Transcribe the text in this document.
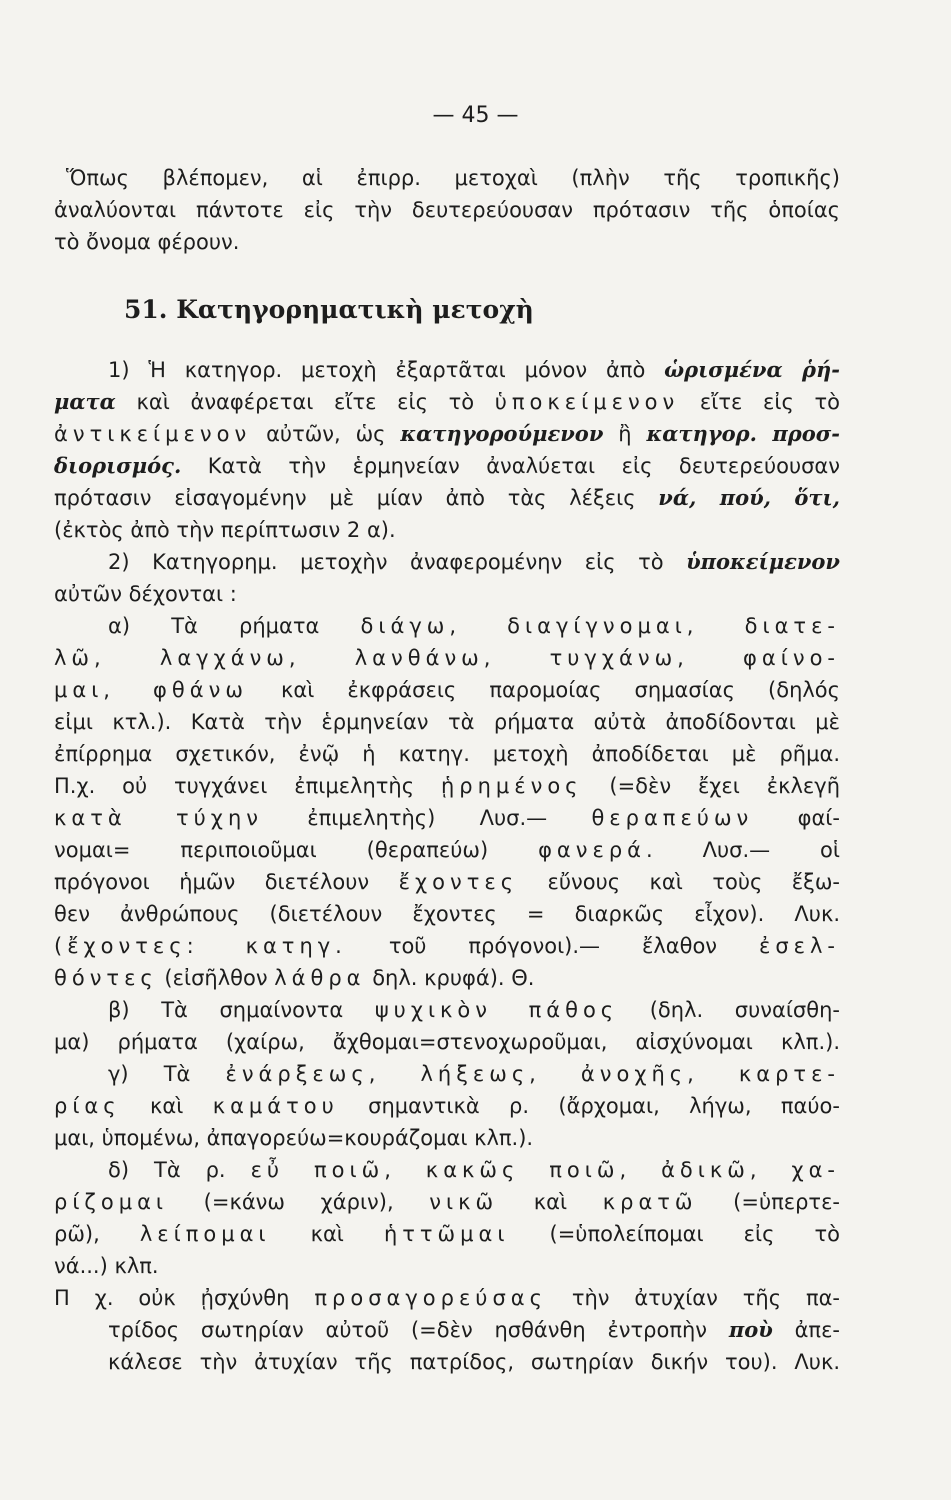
— 45 —
Ὅπως βλέπομεν, αἱ ἐπιρρ. μετοχαὶ (πλὴν τῆς τροπικῆς)
ἀναλύονται πάντοτε εἰς τὴν δευτερεύουσαν πρότασιν τῆς ὁποίας
τὸ ὄνομα φέρουν.
51. Κατηγορηματικὴ μετοχὴ
1) Ἡ κατηγορ. μετοχὴ ἐξαρτᾶται μόνον ἀπὸ ὡρισμένα ῥή-
ματα καὶ ἀναφέρεται εἴτε εἰς τὸ ὑποκείμενον εἴτε εἰς τὸ
ἀντικείμενον αὐτῶν, ὡς κατηγορούμενον ἢ κατηγορ. προσ-
διορισμός. Κατὰ τὴν ἑρμηνείαν ἀναλύεται εἰς δευτερεύουσαν
πρότασιν εἰσαγομένην μὲ μίαν ἀπὸ τὰς λέξεις νά, πού, ὅτι,
(ἐκτὸς ἀπὸ τὴν περίπτωσιν 2 α).
2) Κατηγορημ. μετοχὴν ἀναφερομένην εἰς τὸ ὑποκείμενον
αὐτῶν δέχονται :
α) Τὰ ρήματα διάγω, διαγίγνομαι, διατε-
λῶ, λαγχάνω, λανθάνω, τυγχάνω, φαίνο-
μαι, φθάνω καὶ ἐκφράσεις παρομοίας σημασίας (δηλός
εἰμι κτλ.). Κατὰ τὴν ἑρμηνείαν τὰ ρήματα αὐτὰ ἀποδίδονται μὲ
ἐπίρρημα σχετικόν, ἐνῷ ἡ κατηγ. μετοχὴ ἀποδίδεται μὲ ρῆμα.
Π.χ. οὐ τυγχάνει ἐπιμελητὴς ᾑρημένος (=δὲν ἔχει ἐκλεγῆ
κατὰ τύχην ἐπιμελητὴς) Λυσ.— θεραπεύων φαί-
νομαι= περιποιοῦμαι (θεραπεύω) φανερά. Λυσ.— οἱ
πρόγονοι ἡμῶν διετέλουν ἔχοντες εὔνους καὶ τοὺς ἔξω-
θεν ἀνθρώπους (διετέλουν ἔχοντες = διαρκῶς εἶχον). Λυκ.
(ἔχοντες: κατηγ. τοῦ πρόγονοι).— ἔλαθον ἐσελ-
θόντες (εἰσῆλθον λάθρα δηλ. κρυφά). Θ.
β) Τὰ σημαίνοντα ψυχικὸν πάθος (δηλ. συναίσθη-
μα) ρήματα (χαίρω, ἄχθομαι=στενοχωροῦμαι, αἰσχύνομαι κλπ.).
γ) Τὰ ἐνάρξεως, λήξεως, ἀνοχῆς, καρτε-
ρίας καὶ καμάτου σημαντικὰ ρ. (ἄρχομαι, λήγω, παύο-
μαι, ὑπομένω, ἀπαγορεύω=κουράζομαι κλπ.).
δ) Τὰ ρ. εὖ ποιῶ, κακῶς ποιῶ, ἀδικῶ, χα-
ρίζομαι (=κάνω χάριν), νικῶ καὶ κρατῶ (=ὑπερτε-
ρῶ), λείπομαι καὶ ἡττῶμαι (=ὑπολείπομαι εἰς τὸ
νά...) κλπ.
Π χ. οὐκ ᾐσχύνθη προσαγορεύσας τὴν ἀτυχίαν τῆς πα-
τρίδος σωτηρίαν αὐτοῦ (=δὲν ησθάνθη ἐντροπὴν ποὺ ἀπε-
κάλεσε τὴν ἀτυχίαν τῆς πατρίδος, σωτηρίαν δικήν του). Λυκ.
